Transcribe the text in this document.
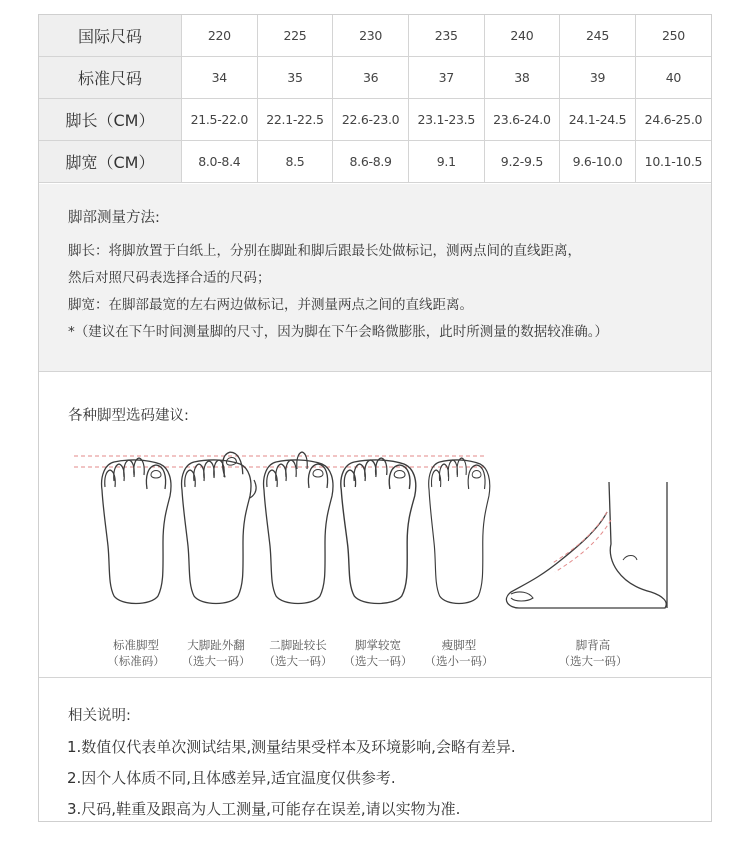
国际尺码	220	225	230	235	240	245	250
标准尺码	34	35	36	37	38	39	40
脚长（CM）	21.5-22.0	22.1-22.5	22.6-23.0	23.1-23.5	23.6-24.0	24.1-24.5	24.6-25.0
脚宽（CM）	8.0-8.4	8.5	8.6-8.9	9.1	9.2-9.5	9.6-10.0	10.1-10.5
脚部测量方法:
脚长：将脚放置于白纸上，分别在脚趾和脚后跟最长处做标记，测两点间的直线距离，
然后对照尺码表选择合适的尺码；
脚宽：在脚部最宽的左右两边做标记，并测量两点之间的直线距离。
*（建议在下午时间测量脚的尺寸，因为脚在下午会略微膨胀，此时所测量的数据较准确。）
各种脚型选码建议:
标准脚型
（标准码）
大脚趾外翻
（选大一码）
二脚趾较长
（选大一码）
脚掌较宽
（选大一码）
瘦脚型
（选小一码）
脚背高
（选大一码）
相关说明:
1.数值仅代表单次测试结果,测量结果受样本及环境影响,会略有差异.
2.因个人体质不同,且体感差异,适宜温度仅供参考.
3.尺码,鞋重及跟高为人工测量,可能存在误差,请以实物为准.
